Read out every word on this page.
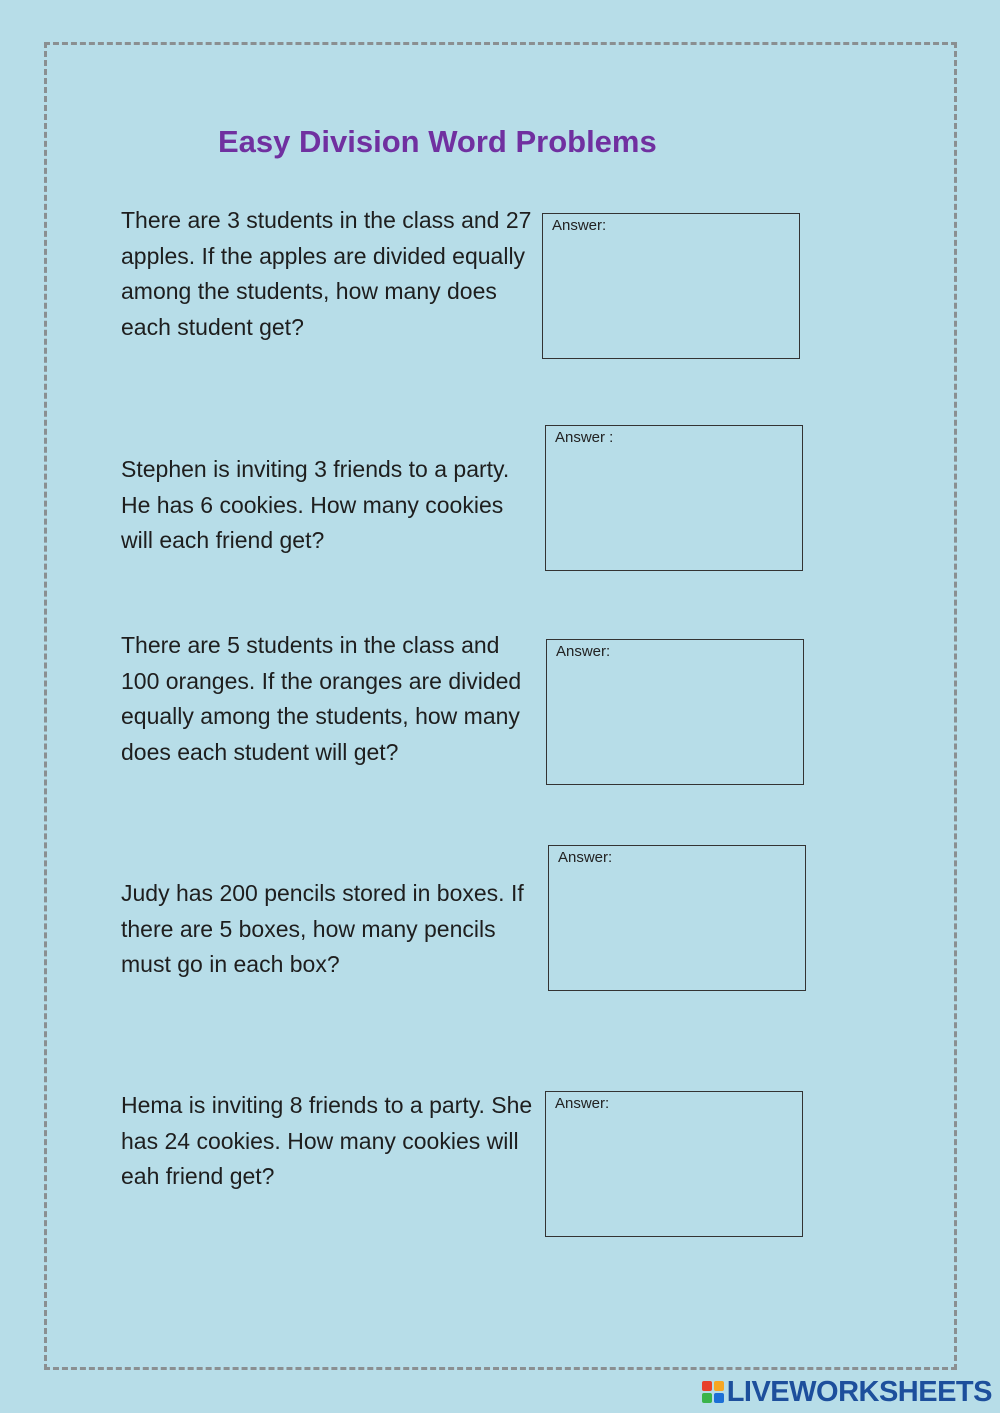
Easy Division Word Problems
There are 3 students in the class and 27 apples. If the apples are divided equally among the students, how many does each student get?
Answer:
Stephen is inviting 3 friends to a party. He has 6 cookies. How many cookies will each friend get?
Answer :
There are 5 students in the class and 100 oranges. If the oranges are divided equally among the students, how many does each student will get?
Answer:
Judy has 200 pencils stored in boxes. If there are 5 boxes, how many pencils must go in each box?
Answer:
Hema is inviting 8 friends to a party. She has 24 cookies. How many cookies will eah friend get?
Answer:
LIVEWORKSHEETS
